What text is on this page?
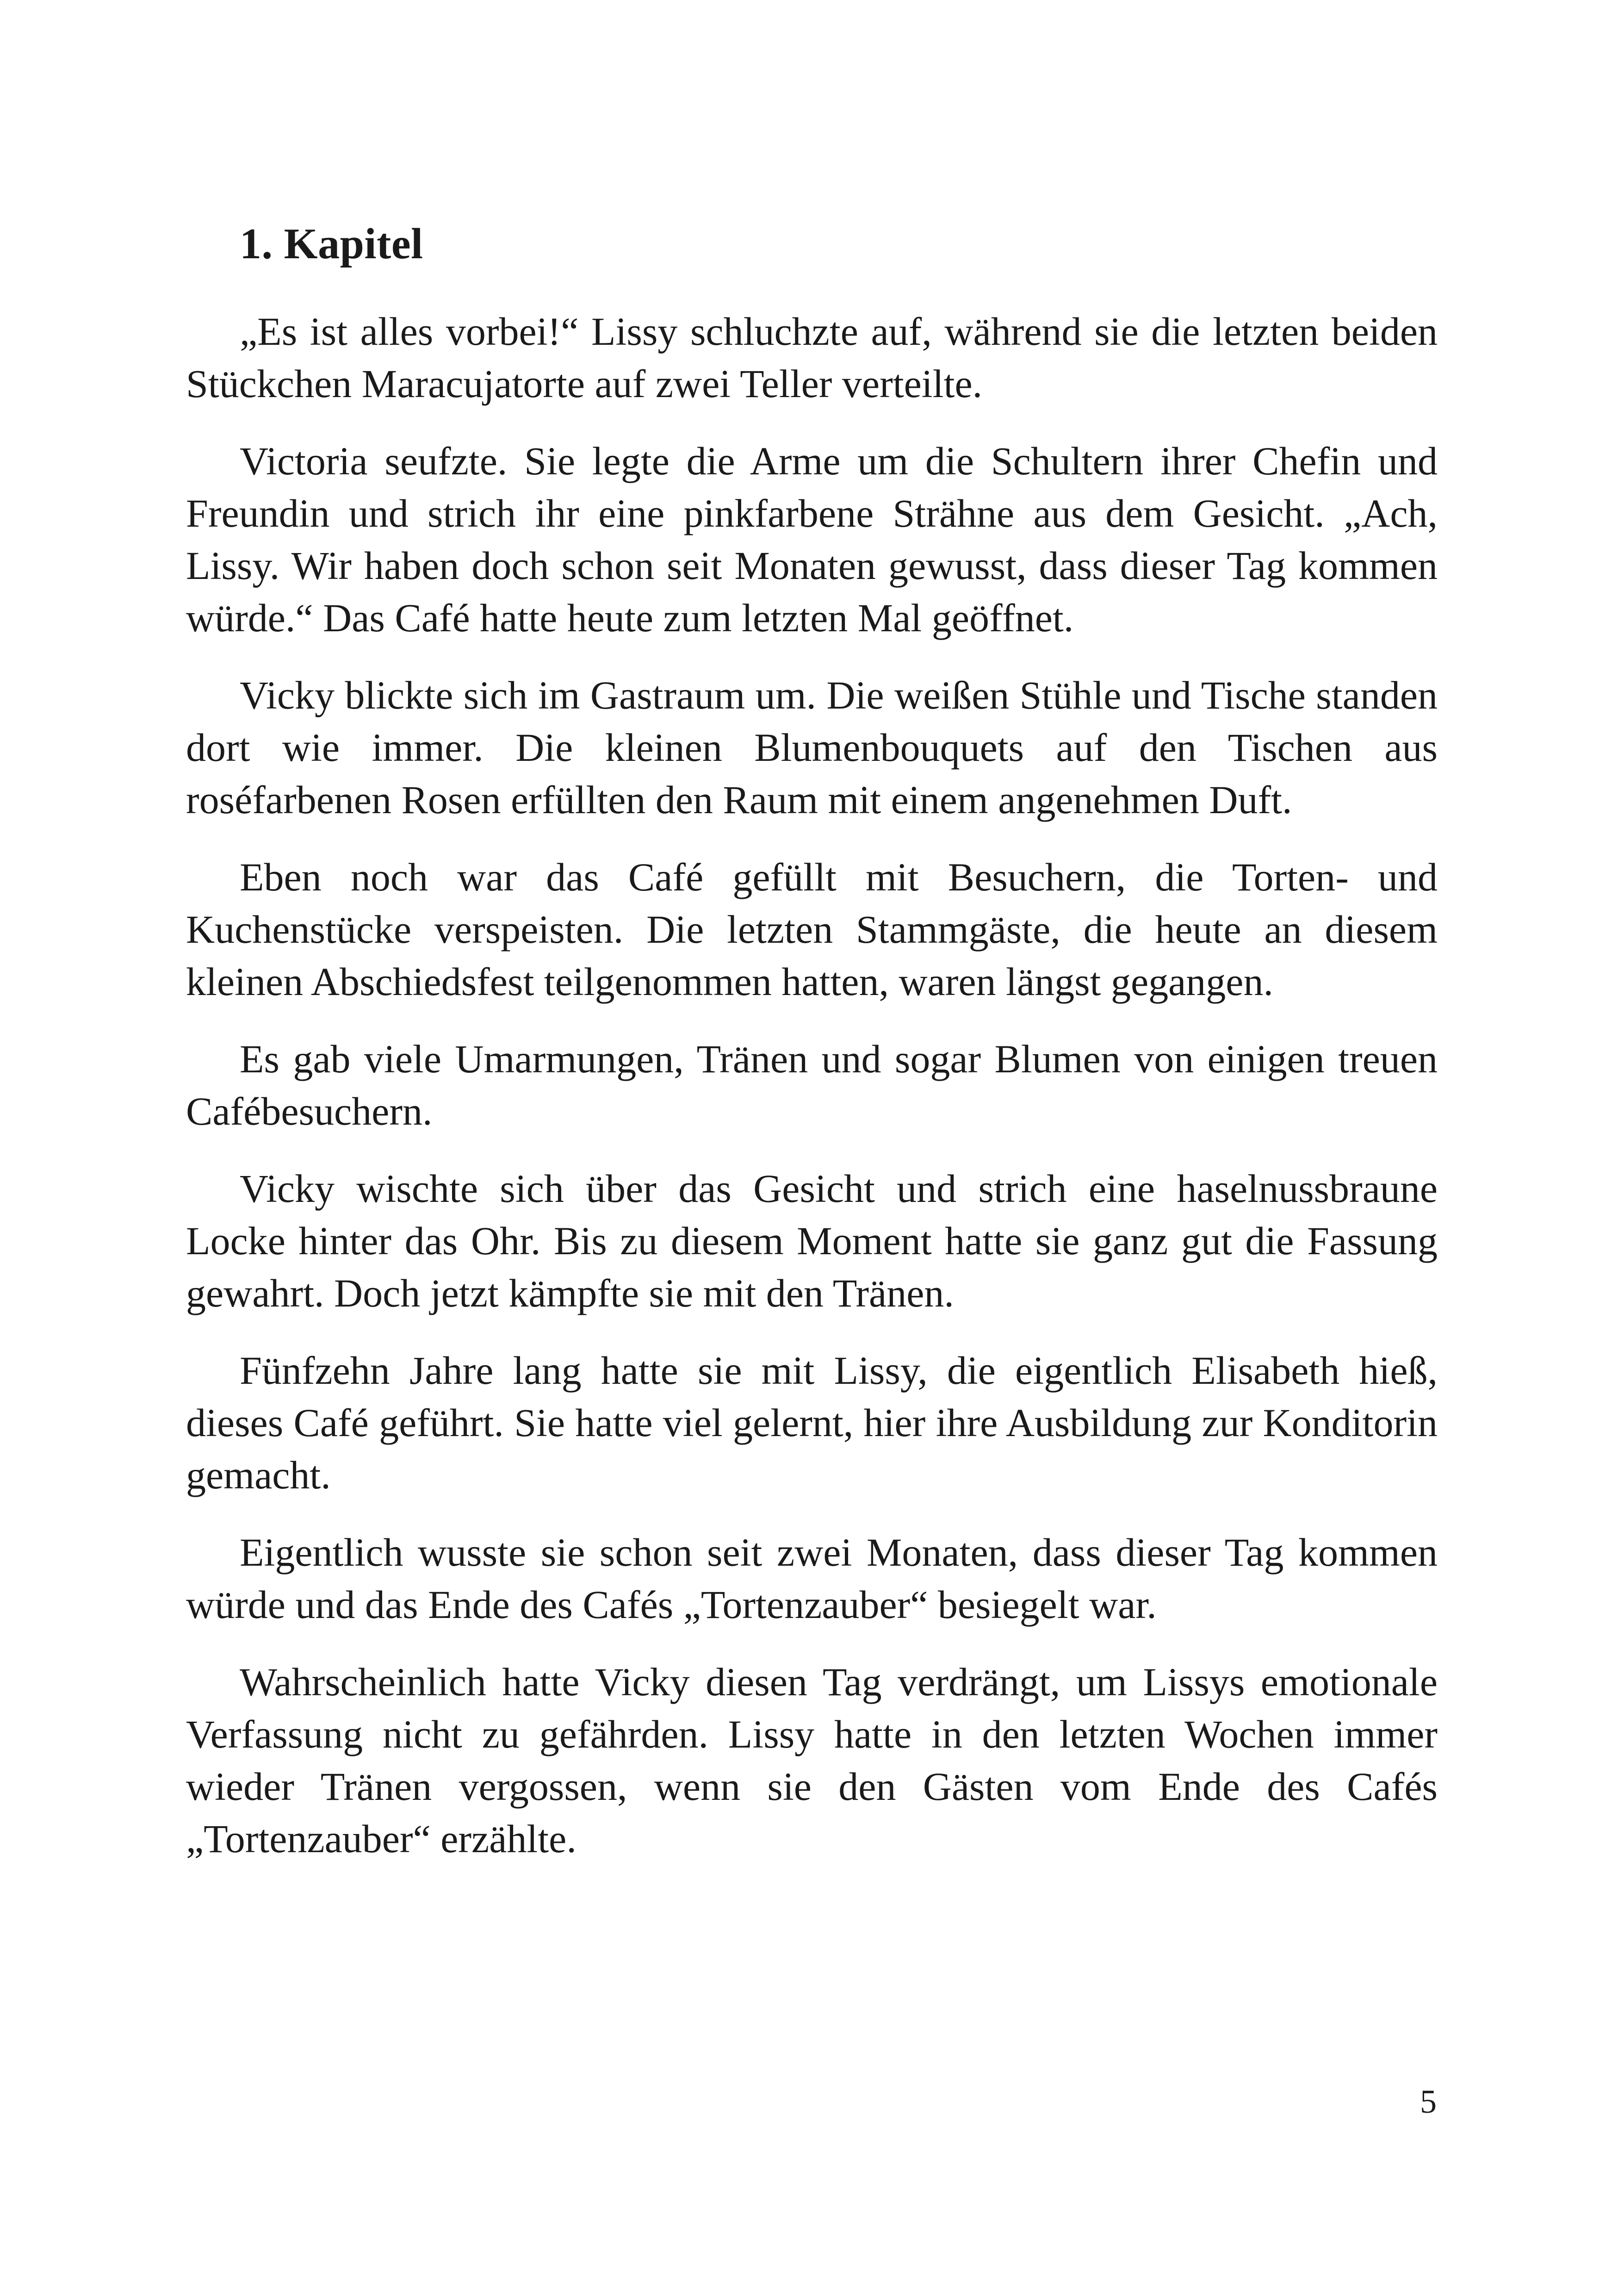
1. Kapitel

„Es ist alles vorbei!“ Lissy schluchzte auf, während sie die letzten beiden Stückchen Maracujatorte auf zwei Teller verteilte.

Victoria seufzte. Sie legte die Arme um die Schultern ihrer Chefin und Freundin und strich ihr eine pinkfarbene Strähne aus dem Gesicht. „Ach, Lissy. Wir haben doch schon seit Monaten gewusst, dass dieser Tag kommen würde.“ Das Café hatte heute zum letzten Mal geöffnet.

Vicky blickte sich im Gastraum um. Die weißen Stühle und Tische standen dort wie immer. Die kleinen Blumenbouquets auf den Tischen aus roséfarbenen Rosen erfüllten den Raum mit einem angenehmen Duft.

Eben noch war das Café gefüllt mit Besuchern, die Torten- und Kuchenstücke verspeisten. Die letzten Stammgäste, die heute an diesem kleinen Abschiedsfest teilgenommen hatten, waren längst gegangen.

Es gab viele Umarmungen, Tränen und sogar Blumen von einigen treuen Cafébesuchern.

Vicky wischte sich über das Gesicht und strich eine haselnussbraune Locke hinter das Ohr. Bis zu diesem Moment hatte sie ganz gut die Fassung gewahrt. Doch jetzt kämpfte sie mit den Tränen.

Fünfzehn Jahre lang hatte sie mit Lissy, die eigentlich Elisabeth hieß, dieses Café geführt. Sie hatte viel gelernt, hier ihre Ausbildung zur Konditorin gemacht.

Eigentlich wusste sie schon seit zwei Monaten, dass dieser Tag kommen würde und das Ende des Cafés „Tortenzauber“ besiegelt war.

Wahrscheinlich hatte Vicky diesen Tag verdrängt, um Lissys emotionale Verfassung nicht zu gefährden. Lissy hatte in den letzten Wochen immer wieder Tränen vergossen, wenn sie den Gästen vom Ende des Cafés „Tortenzauber“ erzählte.

5
